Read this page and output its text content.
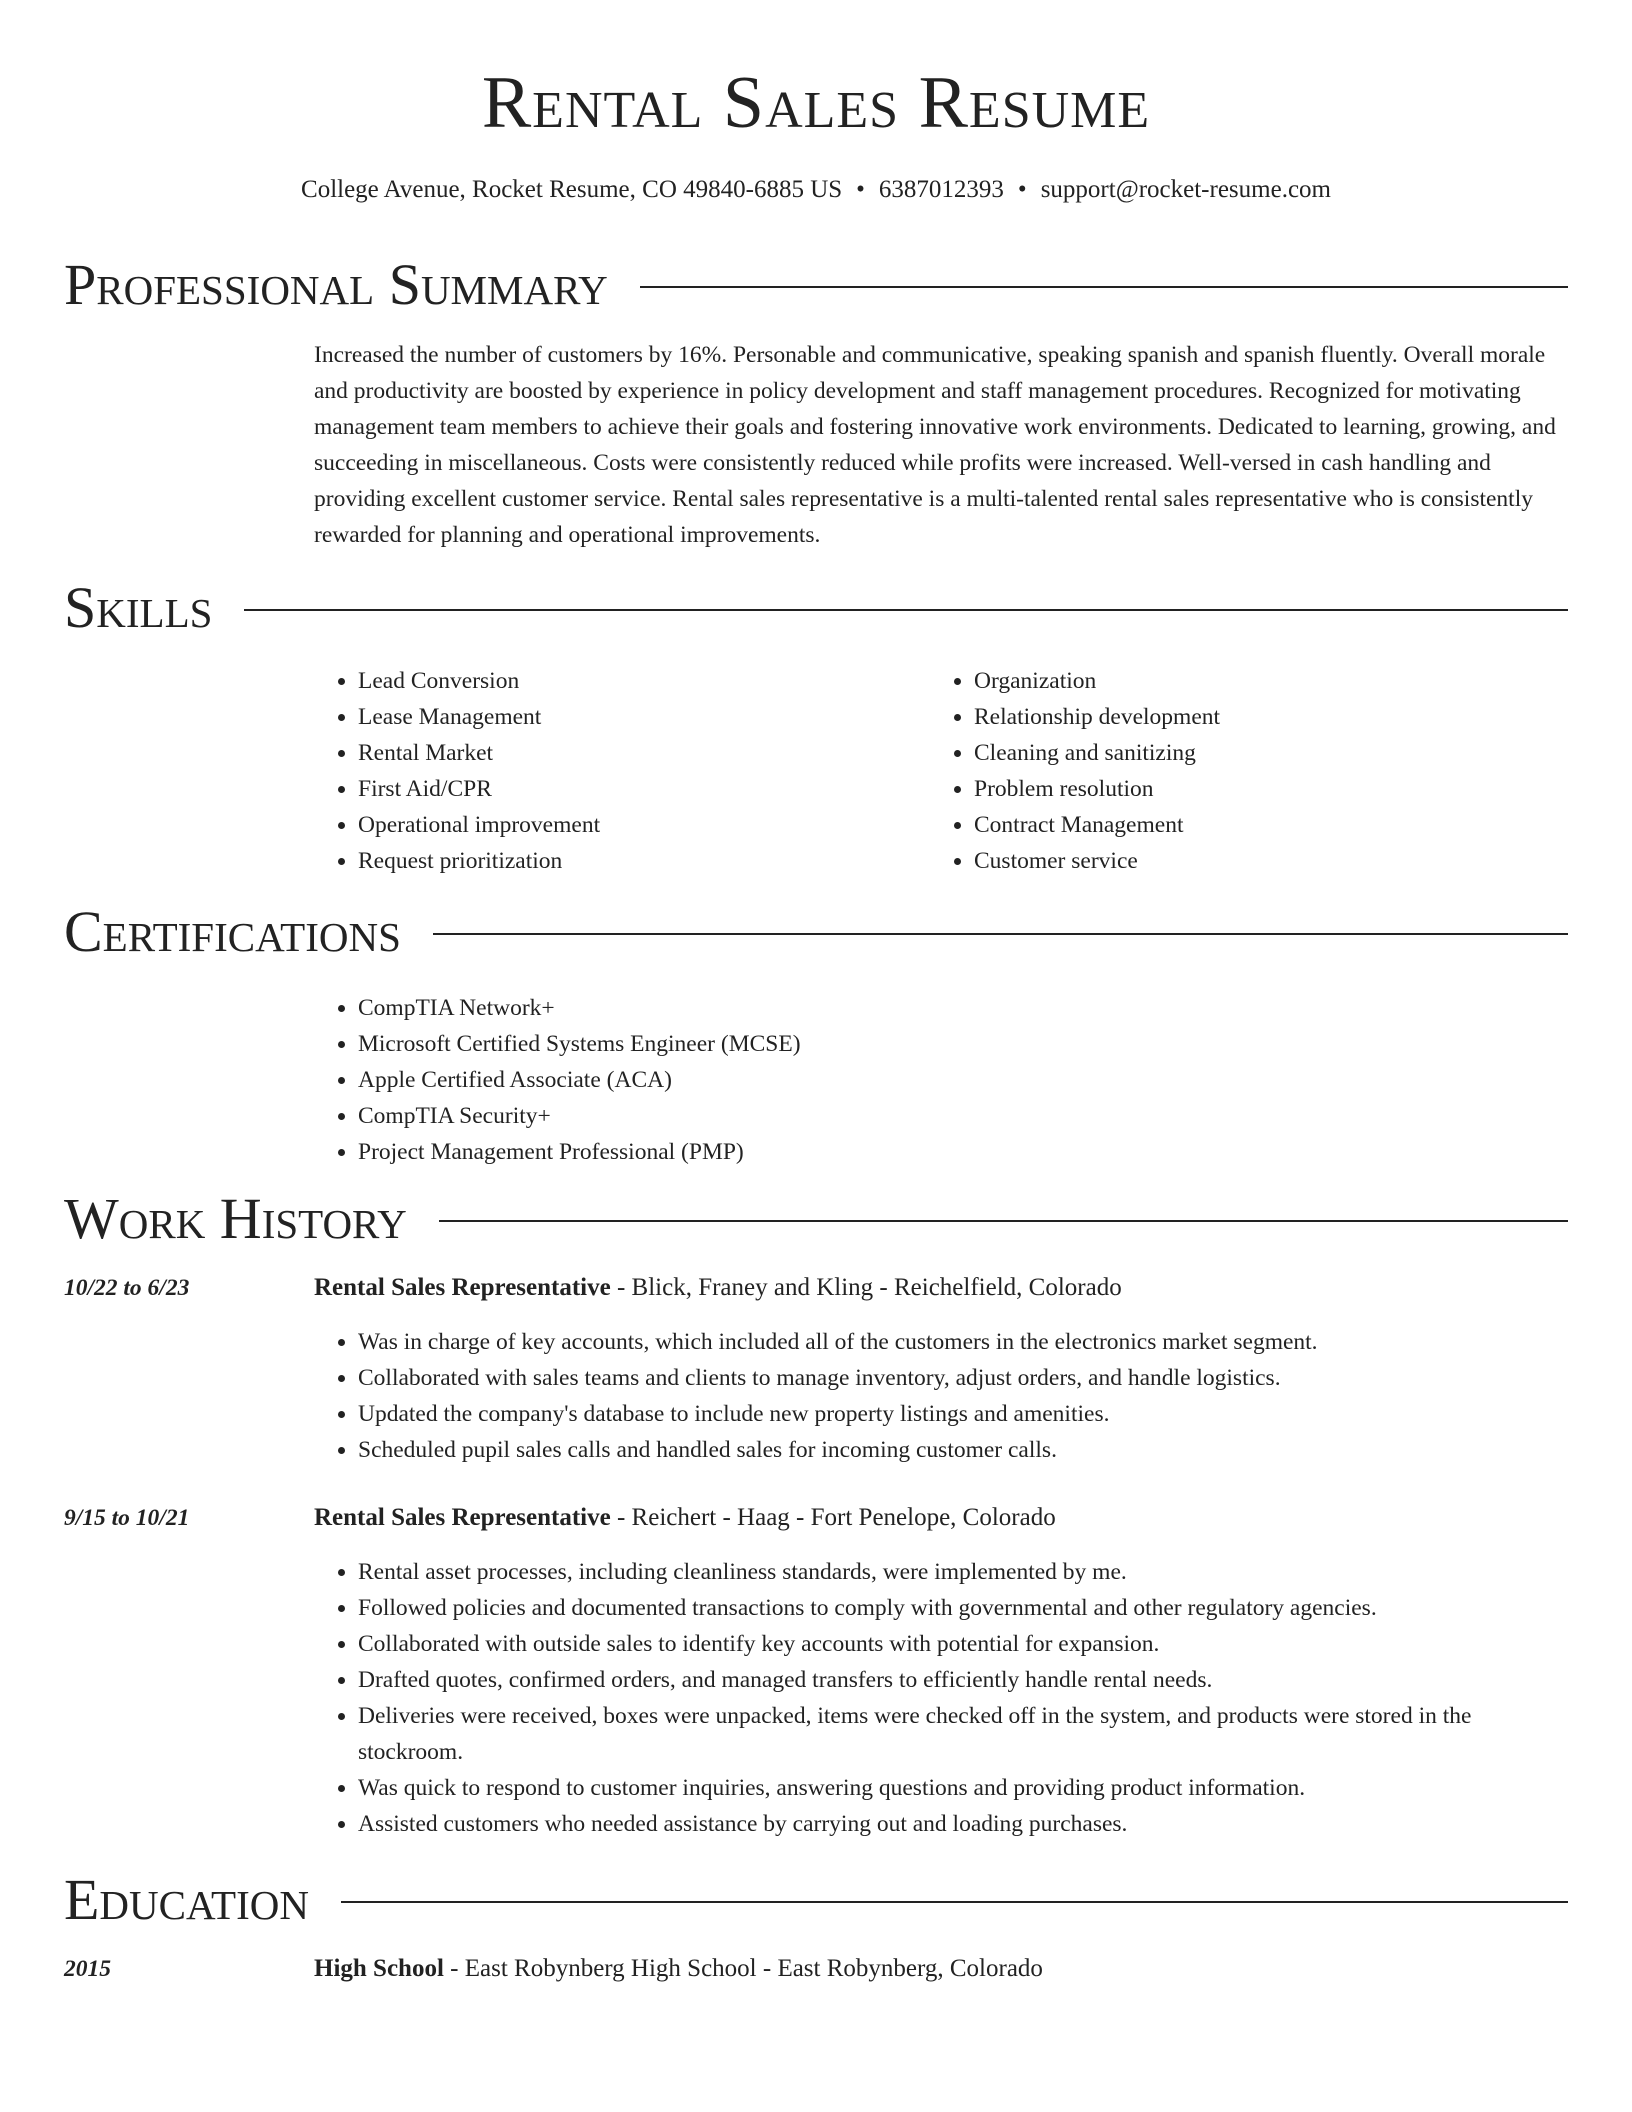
Rental Sales Resume
College Avenue, Rocket Resume, CO 49840-6885 US • 6387012393 • support@rocket-resume.com
Professional Summary

Increased the number of customers by 16%. Personable and communicative, speaking spanish and spanish fluently. Overall morale and productivity are boosted by experience in policy development and staff management procedures. Recognized for motivating management team members to achieve their goals and fostering innovative work environments. Dedicated to learning, growing, and succeeding in miscellaneous. Costs were consistently reduced while profits were increased. Well-versed in cash handling and providing excellent customer service. Rental sales representative is a multi-talented rental sales representative who is consistently rewarded for planning and operational improvements.

Skills
• Lead Conversion
• Lease Management
• Rental Market
• First Aid/CPR
• Operational improvement
• Request prioritization
• Organization
• Relationship development
• Cleaning and sanitizing
• Problem resolution
• Contract Management
• Customer service
Certifications
• CompTIA Network+
• Microsoft Certified Systems Engineer (MCSE)
• Apple Certified Associate (ACA)
• CompTIA Security+
• Project Management Professional (PMP)
Work History
10/22 to 6/23	Rental Sales Representative - Blick, Franey and Kling - Reichelfield, Colorado
• Was in charge of key accounts, which included all of the customers in the electronics market segment.
• Collaborated with sales teams and clients to manage inventory, adjust orders, and handle logistics.
• Updated the company's database to include new property listings and amenities.
• Scheduled pupil sales calls and handled sales for incoming customer calls.
9/15 to 10/21	Rental Sales Representative - Reichert - Haag - Fort Penelope, Colorado
• Rental asset processes, including cleanliness standards, were implemented by me.
• Followed policies and documented transactions to comply with governmental and other regulatory agencies.
• Collaborated with outside sales to identify key accounts with potential for expansion.
• Drafted quotes, confirmed orders, and managed transfers to efficiently handle rental needs.
• Deliveries were received, boxes were unpacked, items were checked off in the system, and products were stored in the stockroom.
• Was quick to respond to customer inquiries, answering questions and providing product information.
• Assisted customers who needed assistance by carrying out and loading purchases.
Education
2015	High School - East Robynberg High School - East Robynberg, Colorado
